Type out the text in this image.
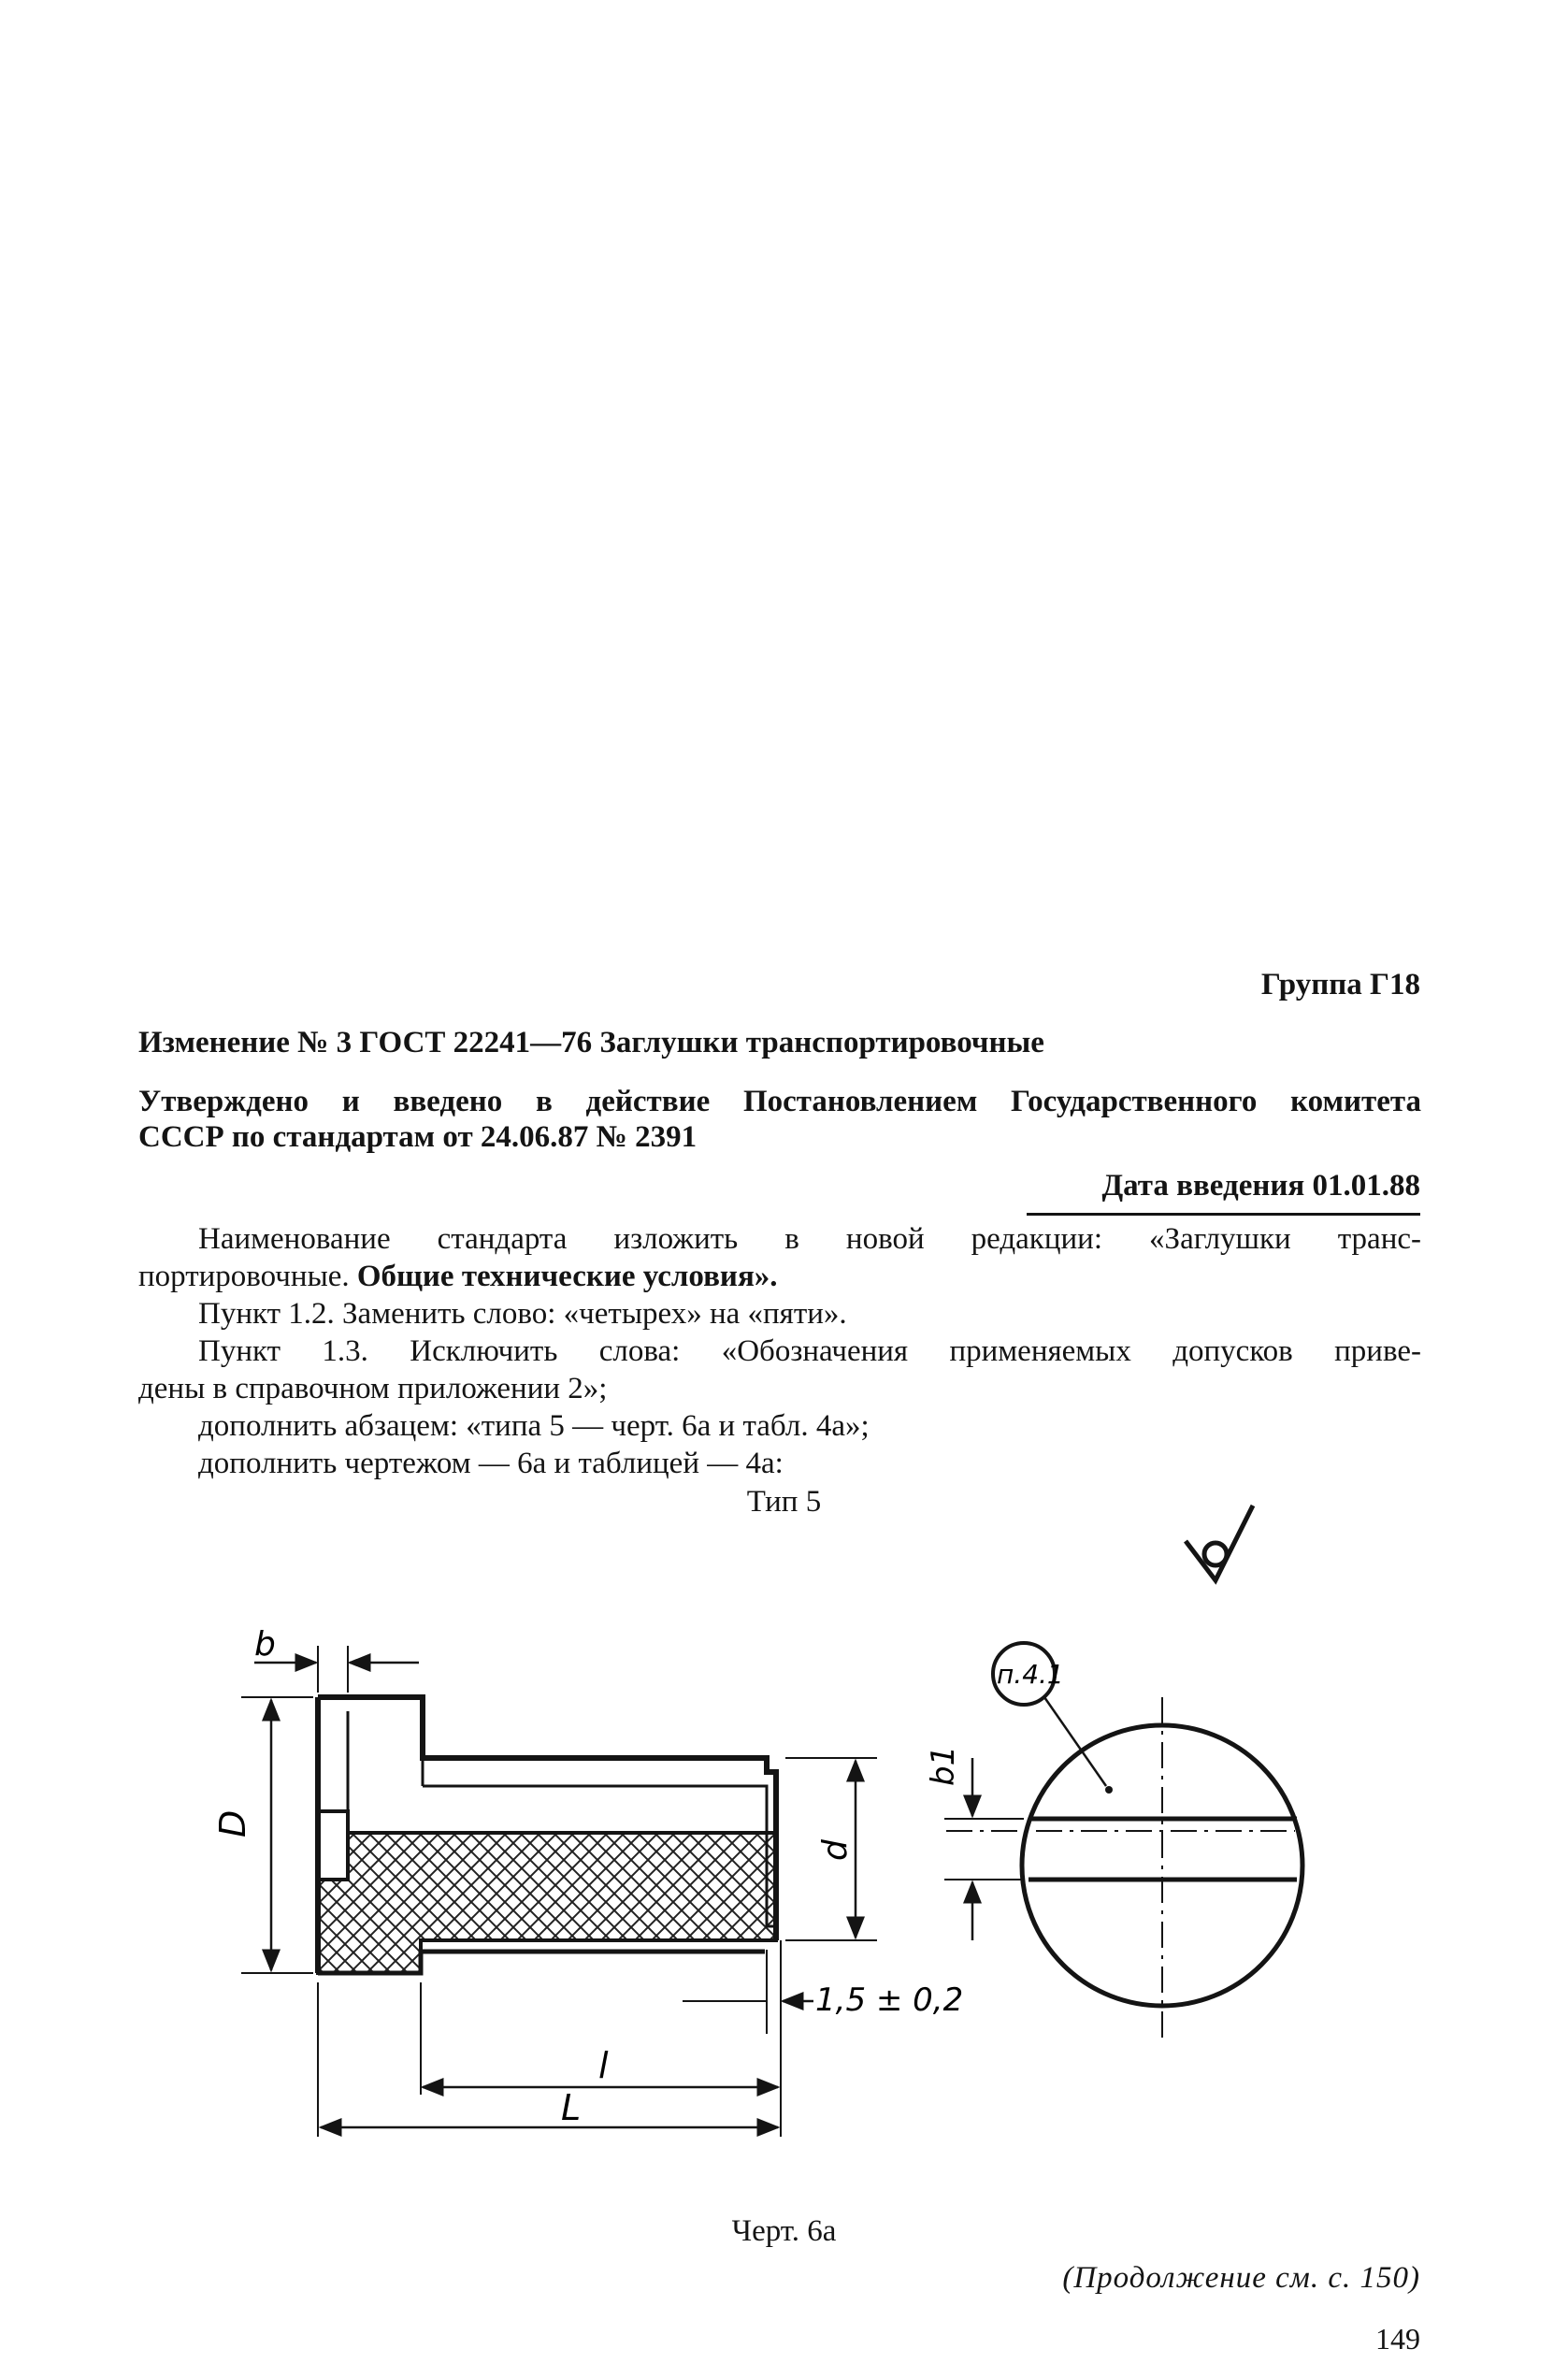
Группа Г18
Изменение № 3 ГОСТ 22241—76 Заглушки транспортировочные
Утверждено и введено в действие Постановлением Государственного комитета
СССР по стандартам от 24.06.87 № 2391
Дата введения 01.01.88
Наименование стандарта изложить в новой редакции: «Заглушки транс-
портировочные. Общие технические условия».
Пункт 1.2. Заменить слово: «четырех» на «пяти».
Пункт 1.3. Исключить слова: «Обозначения применяемых допусков приве-
дены в справочном приложении 2»;
дополнить абзацем: «типа 5 — черт. 6а и табл. 4а»;
дополнить чертежом — 6а и таблицей — 4а:
Тип 5
b
D
d
l
L
1,5 ± 0,2
b1
п.4.1
Черт. 6а
(Продолжение см. с. 150)
149
